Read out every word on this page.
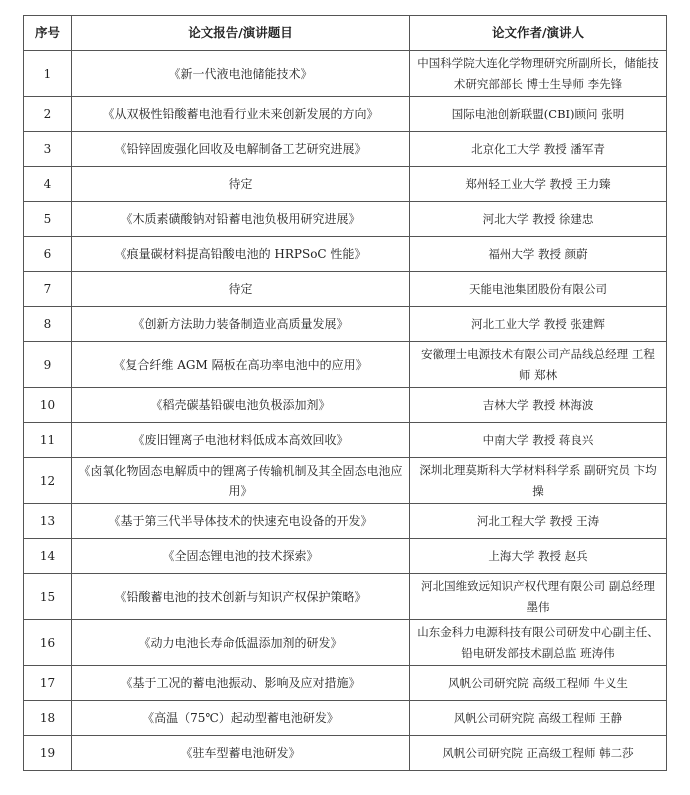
序号	论文报告/演讲题目	论文作者/演讲人
1	《新一代液电池储能技术》	中国科学院大连化学物理研究所副所长，储能技术研究部部长 博士生导师 李先锋
2	《从双极性铅酸蓄电池看行业未来创新发展的方向》	国际电池创新联盟(CBI)顾问 张明
3	《铅锌固废强化回收及电解制备工艺研究进展》	北京化工大学 教授 潘军青
4	待定	郑州轻工业大学 教授 王力臻
5	《木质素磺酸钠对铅蓄电池负极用研究进展》	河北大学 教授 徐建忠
6	《痕量碳材料提高铅酸电池的 HRPSoC 性能》	福州大学 教授 颜蔚
7	待定	天能电池集团股份有限公司
8	《创新方法助力装备制造业高质量发展》	河北工业大学 教授 张建辉
9	《复合纤维 AGM 隔板在高功率电池中的应用》	安徽理士电源技术有限公司产品线总经理 工程师 郑林
10	《稻壳碳基铅碳电池负极添加剂》	吉林大学 教授 林海波
11	《废旧锂离子电池材料低成本高效回收》	中南大学 教授 蒋良兴
12	《卤氧化物固态电解质中的锂离子传输机制及其全固态电池应用》	深圳北理莫斯科大学材料科学系 副研究员 卞均操
13	《基于第三代半导体技术的快速充电设备的开发》	河北工程大学 教授 王涛
14	《全固态锂电池的技术探索》	上海大学 教授 赵兵
15	《铅酸蓄电池的技术创新与知识产权保护策略》	河北国维致远知识产权代理有限公司 副总经理 墨伟
16	《动力电池长寿命低温添加剂的研发》	山东金科力电源科技有限公司研发中心副主任、铅电研发部技术副总监 班涛伟
17	《基于工况的蓄电池振动、影响及应对措施》	风帆公司研究院 高级工程师 牛义生
18	《高温（75℃）起动型蓄电池研发》	风帆公司研究院 高级工程师 王静
19	《驻车型蓄电池研发》	风帆公司研究院 正高级工程师 韩二莎
